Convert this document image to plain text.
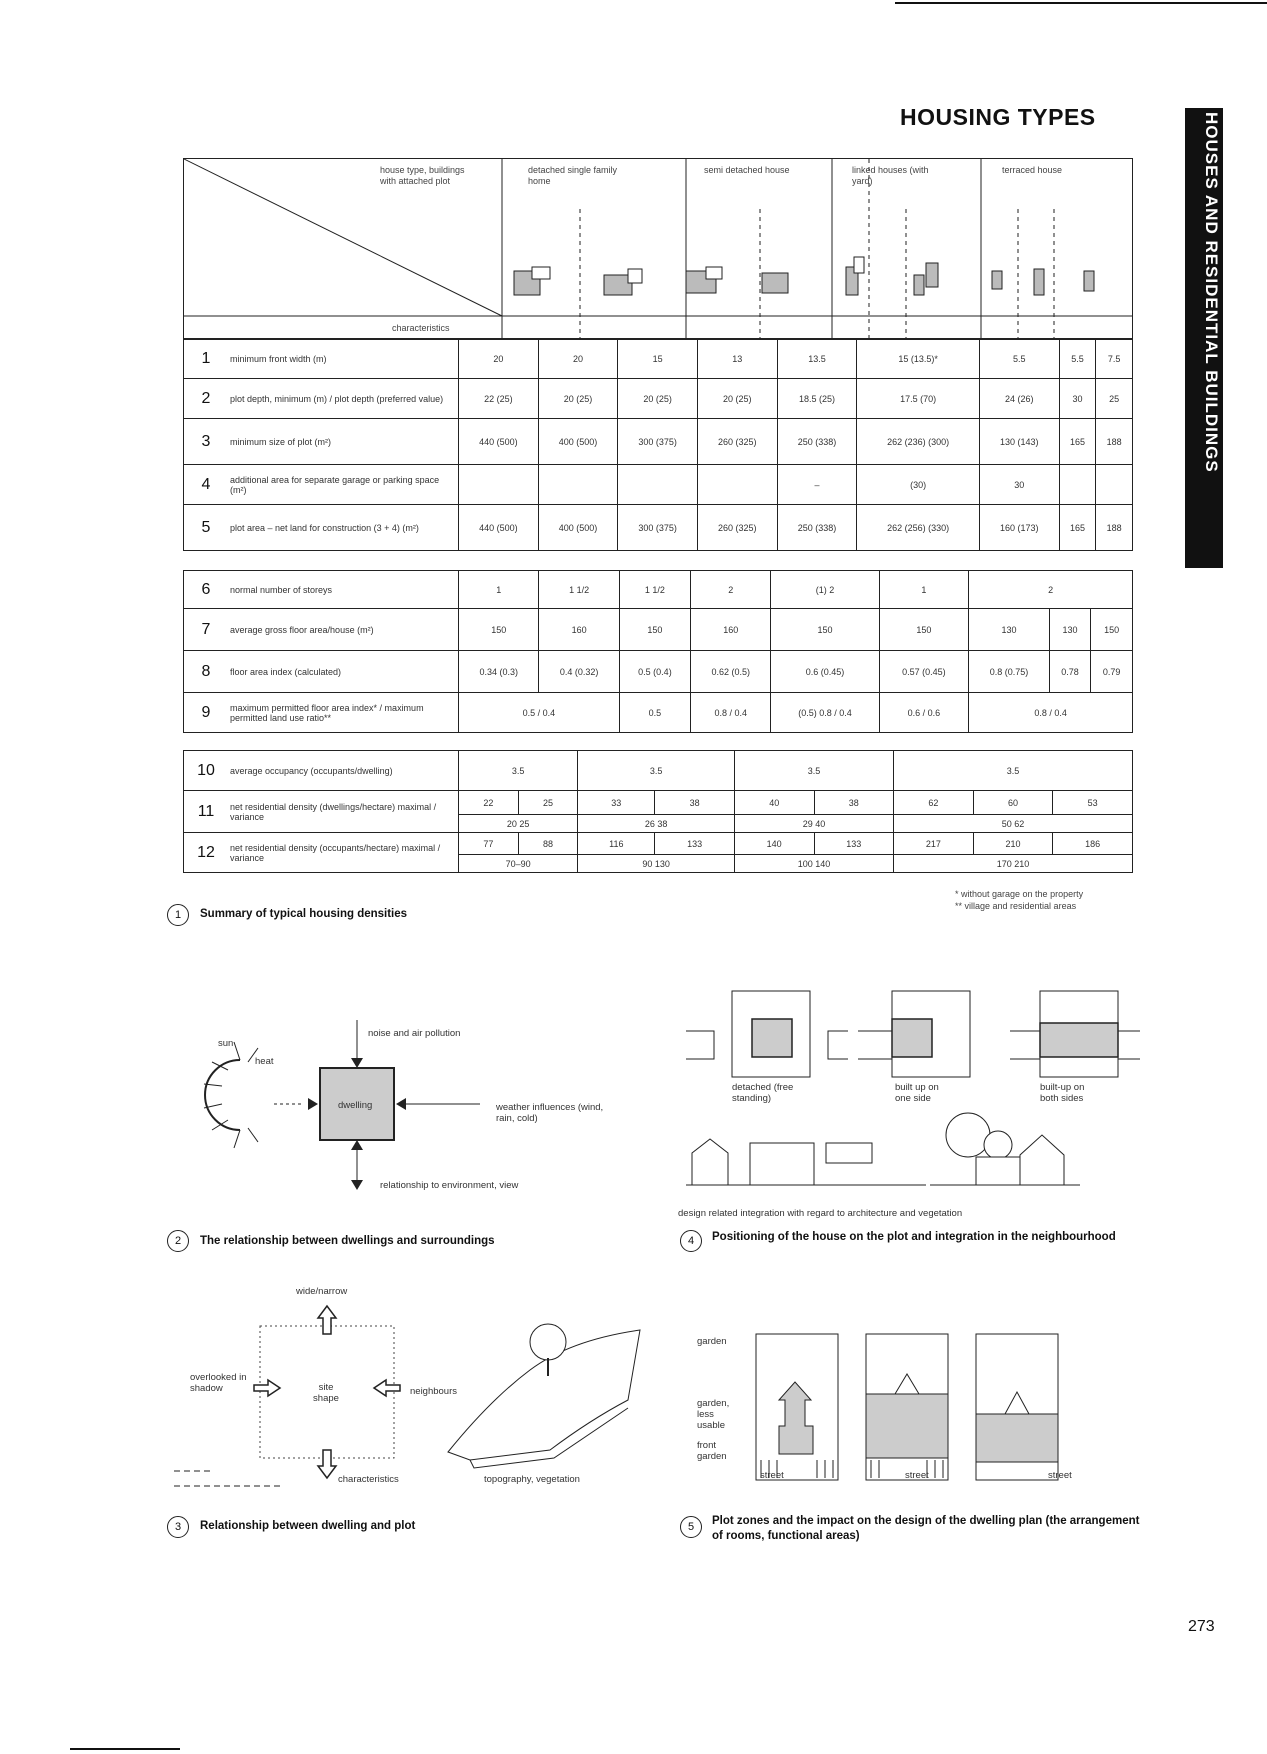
HOUSING TYPES	HOUSES AND RESIDENTIAL BUILDINGS
house type, buildings with attached plot
characteristics
detached single family home
semi detached house	linked houses (with yard)
terraced house
1	minimum front width (m)	20	20	15	13	13.5	15 (13.5)*	5.5	5.5	7.5
2	plot depth, minimum (m) / plot depth (preferred value)	22 (25)	20 (25)	20 (25)	20 (25)	18.5 (25)	17.5 (70)	24 (26)	30	25
3	minimum size of plot (m²)	440 (500)	400 (500)	300 (375)	260 (325)	250 (338)	262 (236) (300)	130 (143)	165	188
4	additional area for separate garage or parking space (m²)					–	(30)	30		
5	plot area – net land for construction (3 + 4) (m²)	440 (500)	400 (500)	300 (375)	260 (325)	250 (338)	262 (256) (330)	160 (173)	165	188
6	normal number of storeys	1	1 1/2	1 1/2	2	(1) 2	1	2		
7	average gross floor area/house (m²)	150	160	150	160	150	150	130	130	150
8	floor area index (calculated)	0.34 (0.3)	0.4 (0.32)	0.5 (0.4)	0.62 (0.5)	0.6 (0.45)	0.57 (0.45)	0.8 (0.75)	0.78	0.79
9	maximum permitted floor area index* / maximum permitted land use ratio**	0.5 / 0.4		0.5	0.8 / 0.4	(0.5) 0.8 / 0.4	0.6 / 0.6	0.8 / 0.4		
10	average occupancy (occupants/dwelling)	3.5		3.5		3.5		3.5		
11	net residential density (dwellings/hectare) maximal / variance	22	25	33	38	40	38	62	60	53
		20 25		26 38		29 40		50 62		
12	net residential density (occupants/hectare) maximal / variance	77	88	116	133	140	133	217	210	186
		70–90		90 130		100 140		170 210		
* without garage on the property
** village and residential areas
1	Summary of typical housing densities
sun
heat
noise and air pollution
dwelling	weather influences (wind, rain, cold)
relationship to environment, view
2	The relationship between dwellings and surroundings
wide/narrow
overlooked in shadow	site shape
neighbours
characteristics	topography, vegetation
3	Relationship between dwelling and plot
detached (free standing)
built up on one side
built-up on both sides
design related integration with regard to architecture and vegetation
4	Positioning of the house on the plot and integration in the neighbourhood
garden
garden, less usable
front garden
street	street	street
5	Plot zones and the impact on the design of the dwelling plan (the arrangement of rooms, functional areas)
273
